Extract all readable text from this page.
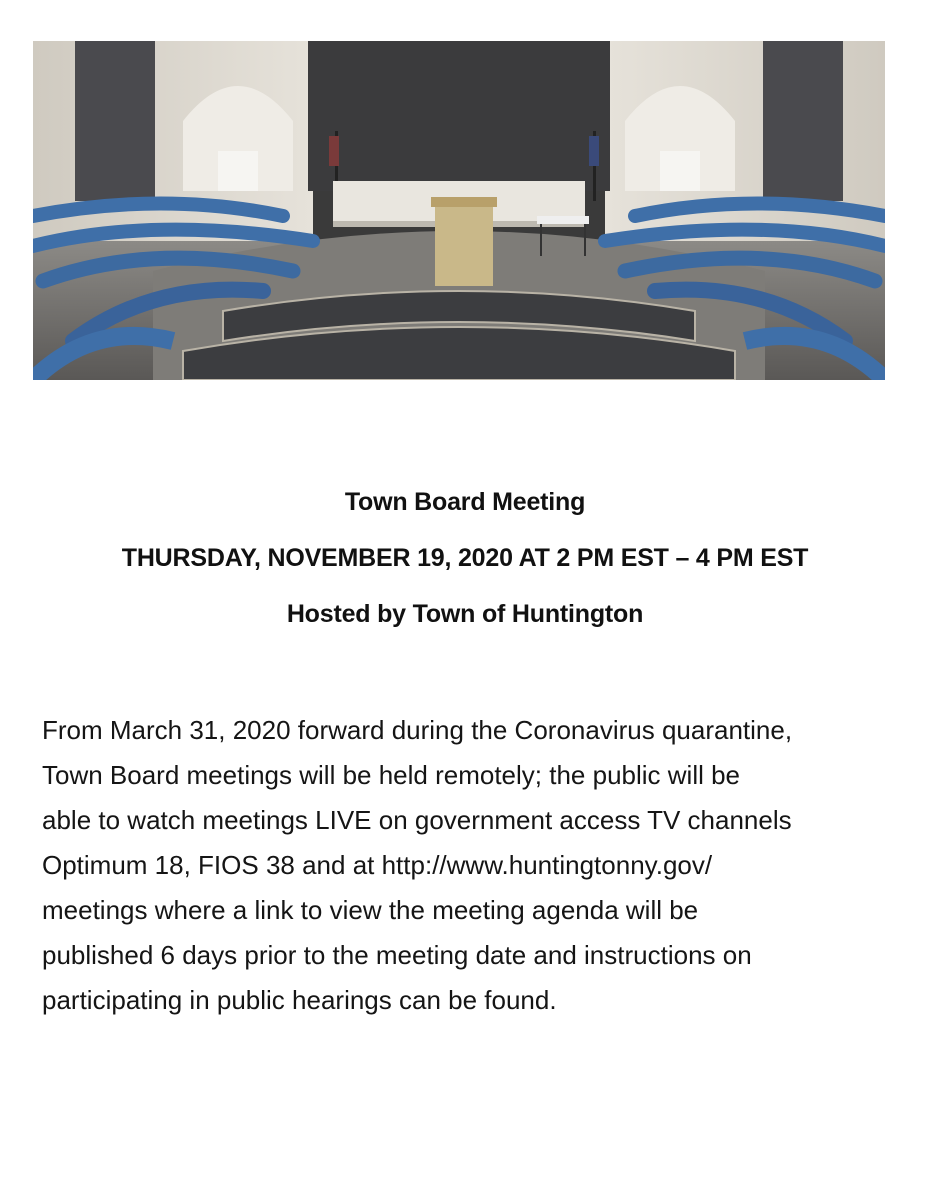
Town Board Meeting

THURSDAY, NOVEMBER 19, 2020 AT 2 PM EST – 4 PM EST

Hosted by Town of Huntington

From March 31, 2020 forward during the Coronavirus quarantine,
Town Board meetings will be held remotely; the public will be
able to watch meetings LIVE on government access TV channels
Optimum 18, FIOS 38 and at http://www.huntingtonny.gov/
meetings where a link to view the meeting agenda will be
published 6 days prior to the meeting date and instructions on
participating in public hearings can be found.
